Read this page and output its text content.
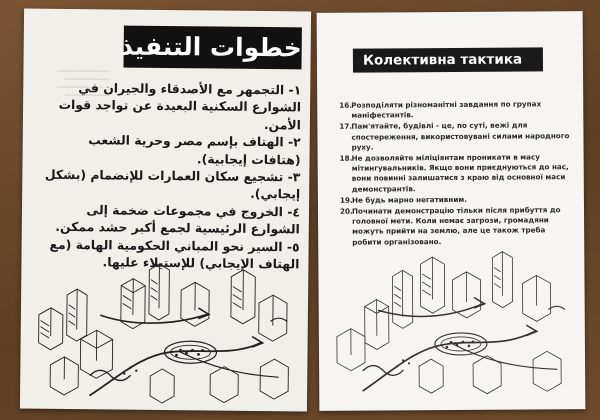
خطوات التنفيذ
١- التجمهر مع الأصدقاء والجيران في الشوارع السكنية البعيدة عن تواجد قوات الأمن.
٢- الهتاف بإسم مصر وحرية الشعب (هتافات إيجابية).
٣- تشجيع سكان العمارات للإنضمام (بشكل إيجابي).
٤- الخروج في مجموعات ضخمة إلى الشوارع الرئيسية لجمع أكبر حشد ممكن.
٥- السير نحو المباني الحكومية الهامة (مع الهتاف الإيجابي) للإستيلاء عليها.
Колективна тактика
16.Розподіляти різноманітні завдання по групах маніфестантів.
17.Пам'ятайте, будівлі - це, по суті, вежі для спостереження, використовувані силами народного руху.
18.Не дозволяйте міліціянтам проникати в масу мітингувальників. Якщо вони приєднуються до нас, вони повинні залишатися з краю від основної маси демонстрантів.
19.Не будь марно негативним.
20.Починати демонстрацію тільки після прибуття до головної мети. Коли немає загрози, громадяни можуть прийти на землю, але це також треба робити організовано.
